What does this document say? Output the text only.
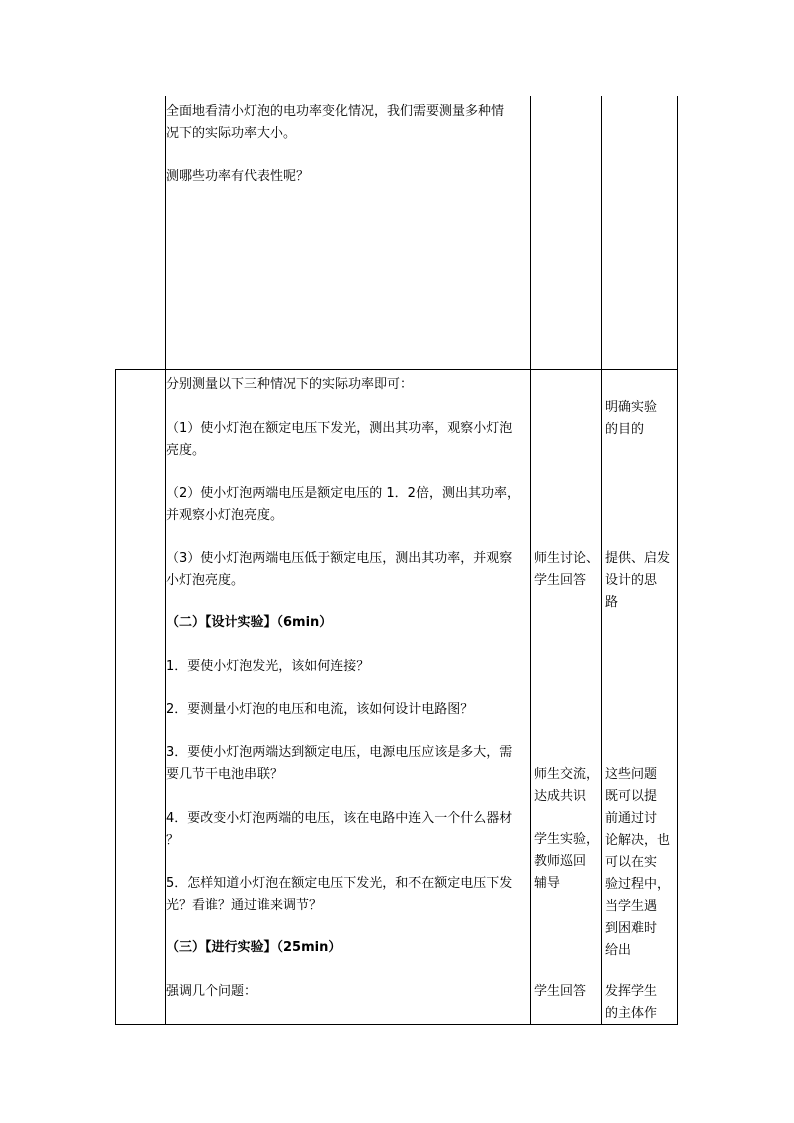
全面地看清小灯泡的电功率变化情况，我们需要测量多种情
况下的实际功率大小。
测哪些功率有代表性呢？
分别测量以下三种情况下的实际功率即可：
（1）使小灯泡在额定电压下发光，测出其功率，观察小灯泡
亮度。
（2）使小灯泡两端电压是额定电压的 1．2倍，测出其功率，
并观察小灯泡亮度。
（3）使小灯泡两端电压低于额定电压，测出其功率，并观察
小灯泡亮度。
（二）【设计实验】（6min）
1．要使小灯泡发光，该如何连接？
2．要测量小灯泡的电压和电流，该如何设计电路图？
3．要使小灯泡两端达到额定电压，电源电压应该是多大，需
要几节干电池串联？
4．要改变小灯泡两端的电压，该在电路中连入一个什么器材
？
5．怎样知道小灯泡在额定电压下发光，和不在额定电压下发
光？看谁？通过谁来调节？
（三）【进行实验】（25min）
强调几个问题：
师生讨论、
学生回答
师生交流，
达成共识
学生实验，
教师巡回
辅导
学生回答
明确实验
的目的
提供、启发
设计的思
路
这些问题
既可以提
前通过讨
论解决，也
可以在实
验过程中，
当学生遇
到困难时
给出
发挥学生
的主体作
